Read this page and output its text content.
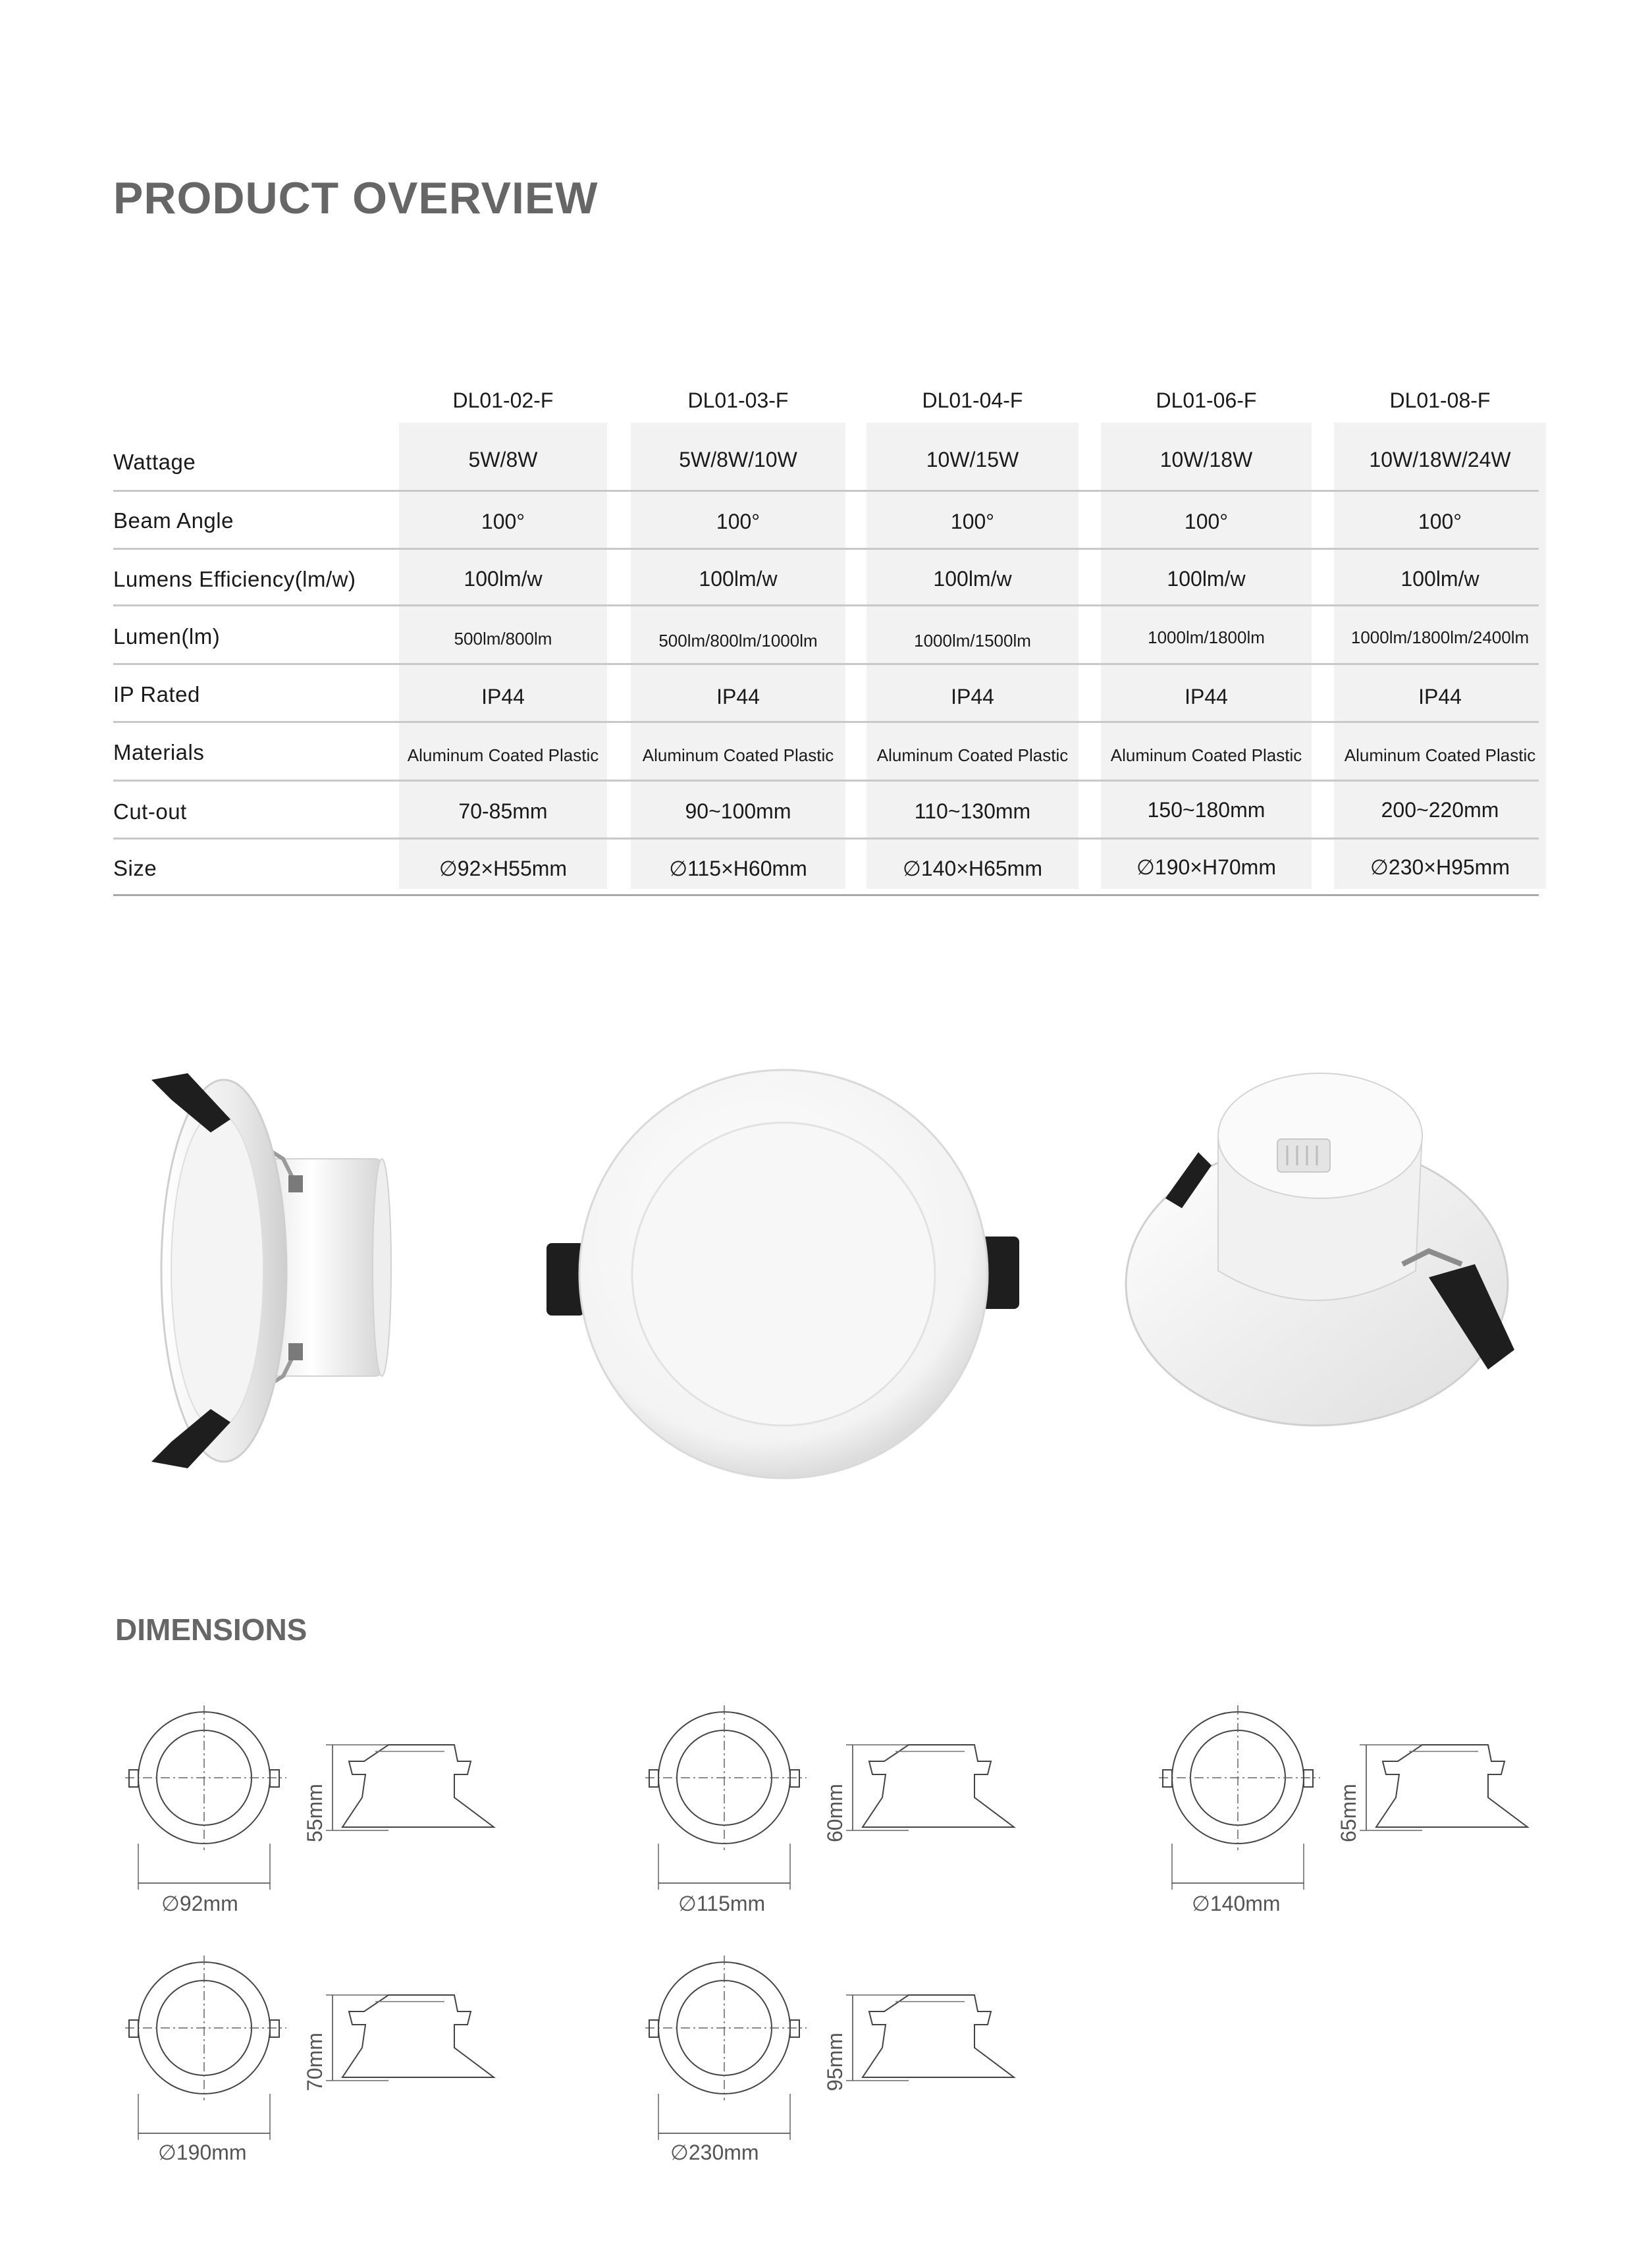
PRODUCT OVERVIEW
DL01-02-F	DL01-03-F	DL01-04-F	DL01-06-F	DL01-08-F
Wattage	5W/8W	5W/8W/10W	10W/15W	10W/18W	10W/18W/24W
Beam Angle	100°	100°	100°	100°	100°
Lumens Efficiency(lm/w)	100lm/w	100lm/w	100lm/w	100lm/w	100lm/w
Lumen(lm)	500lm/800lm	500lm/800lm/1000lm	1000lm/1500lm	1000lm/1800lm	1000lm/1800lm/2400lm
IP Rated	IP44	IP44	IP44	IP44	IP44
Materials	Aluminum Coated Plastic	Aluminum Coated Plastic	Aluminum Coated Plastic	Aluminum Coated Plastic	Aluminum Coated Plastic
Cut-out	70-85mm	90~100mm	110~130mm	150~180mm	200~220mm
Size	∅92×H55mm	∅115×H60mm	∅140×H65mm	∅190×H70mm	∅230×H95mm
DIMENSIONS
∅92mm
55mm
∅115mm
60mm
∅140mm
65mm
∅190mm
70mm
∅230mm
95mm
